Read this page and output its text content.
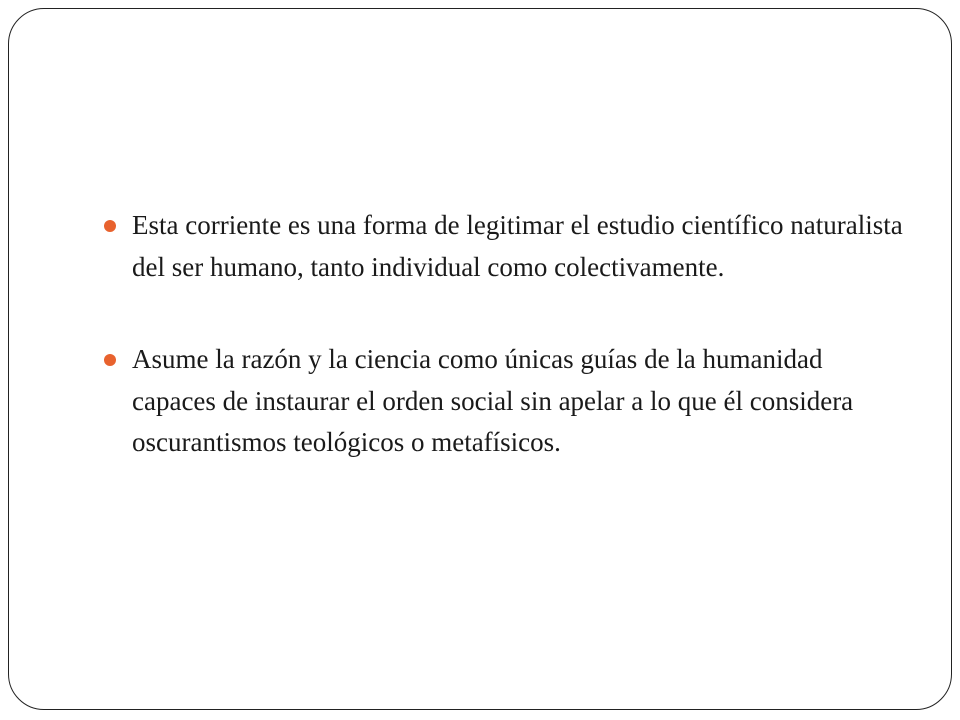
Esta corriente es una forma de legitimar el estudio científico naturalista del ser humano, tanto individual como colectivamente.
Asume la razón y la ciencia como únicas guías de la humanidad capaces de instaurar el orden social sin apelar a lo que él considera oscurantismos teológicos o metafísicos.
